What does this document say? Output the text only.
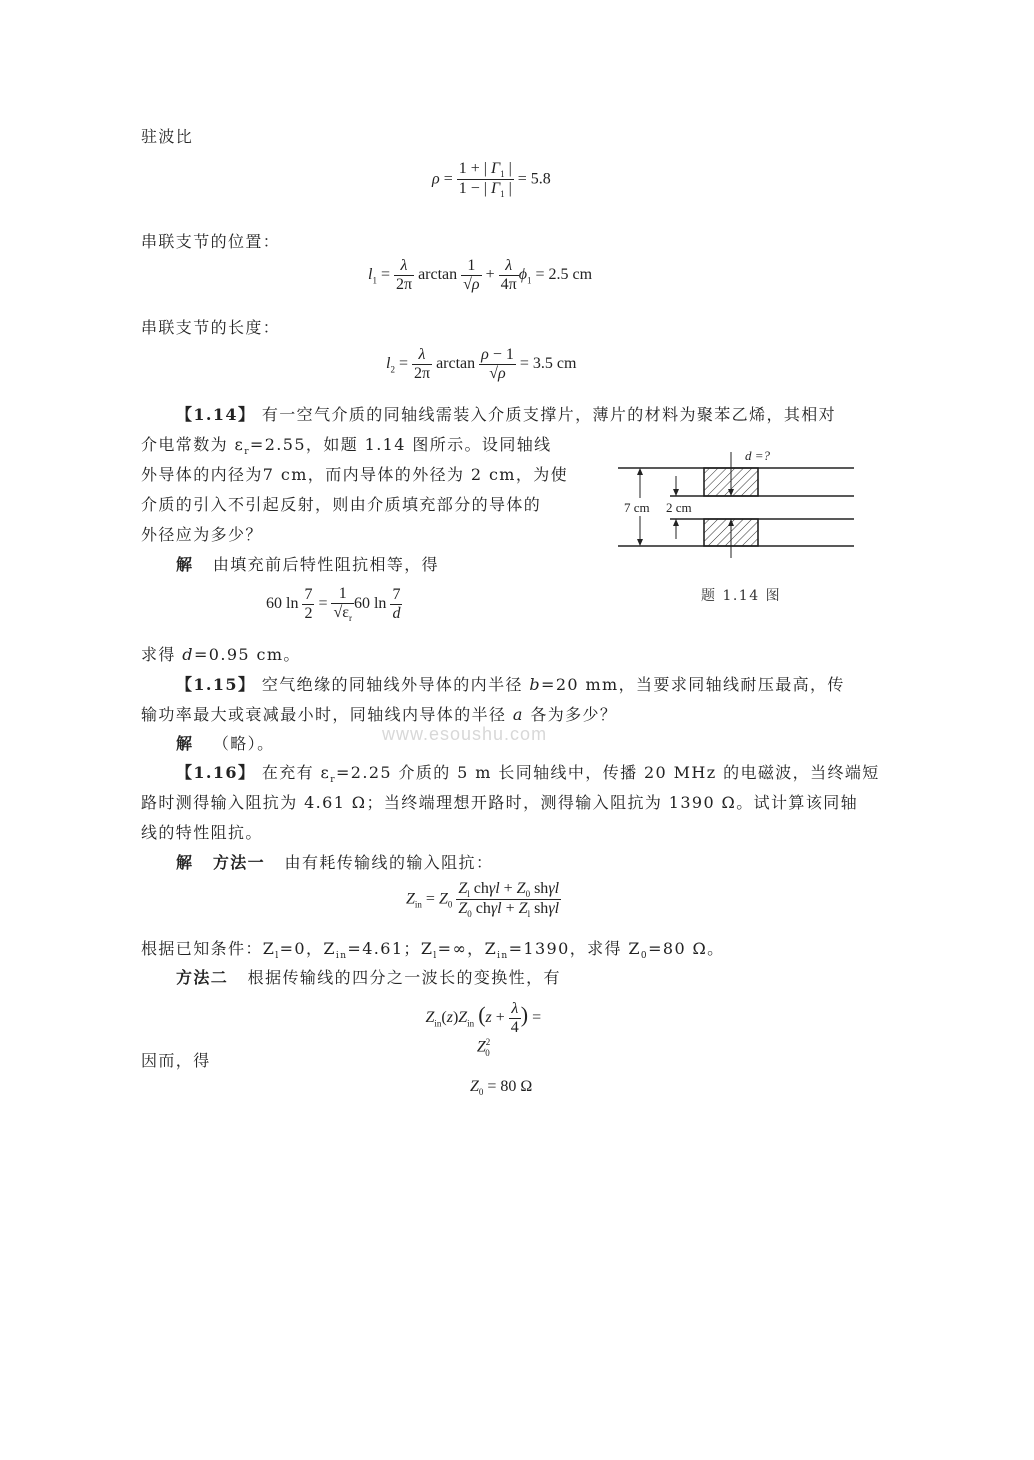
驻波比
$\rho = \frac{1 + | \Gamma_1 |}{1 - | \Gamma_1 |} = 5.8$
串联支节的位置：
$l_1 = \frac{\lambda}{2\pi}$ $\arctan \frac{1}{√\rho} + \frac{\lambda}{4\pi} \phi_1 = 2.5$ cm
串联支节的长度：
$l_2 = \frac{\lambda}{2\pi}$ $\arctan \frac{\rho - 1}{√\rho} = 3.5$ cm
【1.14】 有一空气介质的同轴线需装入介质支撑片，薄片的材料为聚苯乙烯，其相对
介电常数为 $\varepsilon_r=2.55$，如题 1.14 图所示。设同轴线
外导体的内径为7 cm，而内导体的外径为 2 cm，为使
介质的引入不引起反射，则由介质填充部分的导体的
外径应为多少？
解 由填充前后特性阻抗相等，得
60 $\ln \frac{7}{2} = \frac{1}{√\varepsilon_r} 60$ $\ln \frac{7}{d}$
求得 d=0.95 cm。
【1.15】 空气绝缘的同轴线外导体的内半径 b=20 mm，当要求同轴线耐压最高，传
输功率最大或衰减最小时，同轴线内导体的半径 a 各为多少？
解 （略）。	www.esoushu.com
【1.16】 在充有 $\varepsilon_r=2.25$ 介质的 5 m 长同轴线中，传播 20 MHz 的电磁波，当终端短
路时测得输入阻抗为 4.61 Ω；当终端理想开路时，测得输入阻抗为 1390 Ω。试计算该同轴
线的特性阻抗。
解 方法一 由有耗传输线的输入阻抗：
$Z_{in} = Z_0 \frac{Z_l ch\gamma l + Z_0 sh\gamma l}{Z_0 ch\gamma l + Z_l sh\gamma l}$
根据已知条件：$Z_l=0$，$Z_{in}=4.61$；$Z_l=\infty$，$Z_{in}=1390$，求得 $Z_0=80$ Ω。
方法二 根据传输线的四分之一波长的变换性，有
$Z_{in}(z)Z_{in}$ ($z + \frac{\lambda}{4}$ ) = $Z^2_0$
因而，得
$Z_0 = 80$ Ω
7 cm 2 cm
d =?
题 1.14 图
